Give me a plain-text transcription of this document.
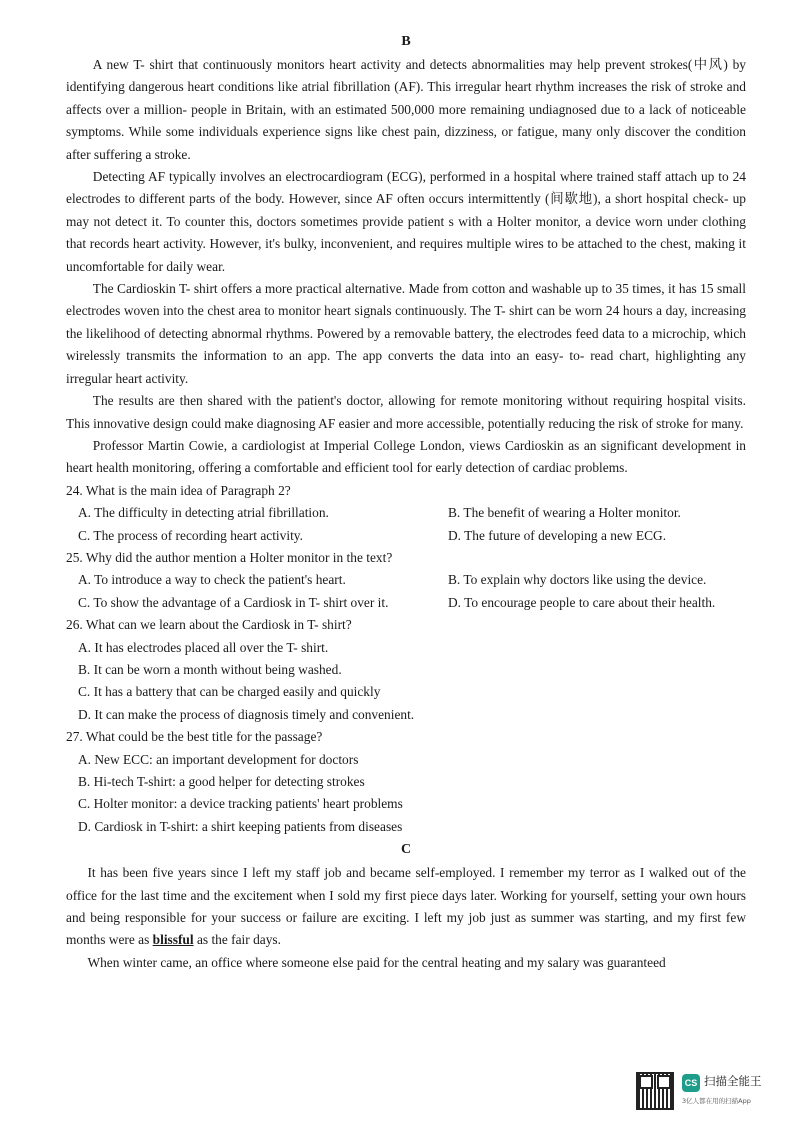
B

A new T- shirt that continuously monitors heart activity and detects abnormalities may help prevent strokes(中风) by identifying dangerous heart conditions like atrial fibrillation (AF). This irregular heart rhythm increases the risk of stroke and affects over a million- people in Britain, with an estimated 500,000 more remaining undiagnosed due to a lack of noticeable symptoms. While some individuals experience signs like chest pain, dizziness, or fatigue, many only discover the condition after suffering a stroke.

Detecting AF typically involves an electrocardiogram (ECG), performed in a hospital where trained staff attach up to 24 electrodes to different parts of the body. However, since AF often occurs intermittently (间歇地), a short hospital check- up may not detect it. To counter this, doctors sometimes provide patient s with a Holter monitor, a device worn under clothing that records heart activity. However, it's bulky, inconvenient, and requires multiple wires to be attached to the chest, making it uncomfortable for daily wear.

The Cardioskin T- shirt offers a more practical alternative. Made from cotton and washable up to 35 times, it has 15 small electrodes woven into the chest area to monitor heart signals continuously. The T- shirt can be worn 24 hours a day, increasing the likelihood of detecting abnormal rhythms. Powered by a removable battery, the electrodes feed data to a microchip, which wirelessly transmits the information to an app. The app converts the data into an easy- to- read chart, highlighting any irregular heart activity.

The results are then shared with the patient's doctor, allowing for remote monitoring without requiring hospital visits. This innovative design could make diagnosing AF easier and more accessible, potentially reducing the risk of stroke for many.

Professor Martin Cowie, a cardiologist at Imperial College London, views Cardioskin as an significant development in heart health monitoring, offering a comfortable and efficient tool for early detection of cardiac problems.

24. What is the main idea of Paragraph 2?

A. The difficulty in detecting atrial fibrillation.	B. The benefit of wearing a Holter monitor.
C. The process of recording heart activity.	D. The future of developing a new ECG.

25. Why did the author mention a Holter monitor in the text?

A. To introduce a way to check the patient's heart.	B. To explain why doctors like using the device.
C. To show the advantage of a Cardiosk in T- shirt over it.	D. To encourage people to care about their health.

26. What can we learn about the Cardiosk in T- shirt?

A. It has electrodes placed all over the T- shirt.
B. It can be worn a month without being washed.
C. It has a battery that can be charged easily and quickly
D. It can make the process of diagnosis timely and convenient.

27. What could be the best title for the passage?

A. New ECC: an important development for doctors
B. Hi-tech T-shirt: a good helper for detecting strokes
C. Holter monitor: a device tracking patients' heart problems
D. Cardiosk in T-shirt: a shirt keeping patients from diseases
C

It has been five years since I left my staff job and became self-employed. I remember my terror as I walked out of the office for the last time and the excitement when I sold my first piece days later. Working for yourself, setting your own hours and being responsible for your success or failure are exciting. I left my job just as summer was starting, and my first few months were as blissful as the fair days.

When winter came, an office where someone else paid for the central heating and my salary was guaranteed

CS 扫描全能王
3亿人都在用的扫描App
